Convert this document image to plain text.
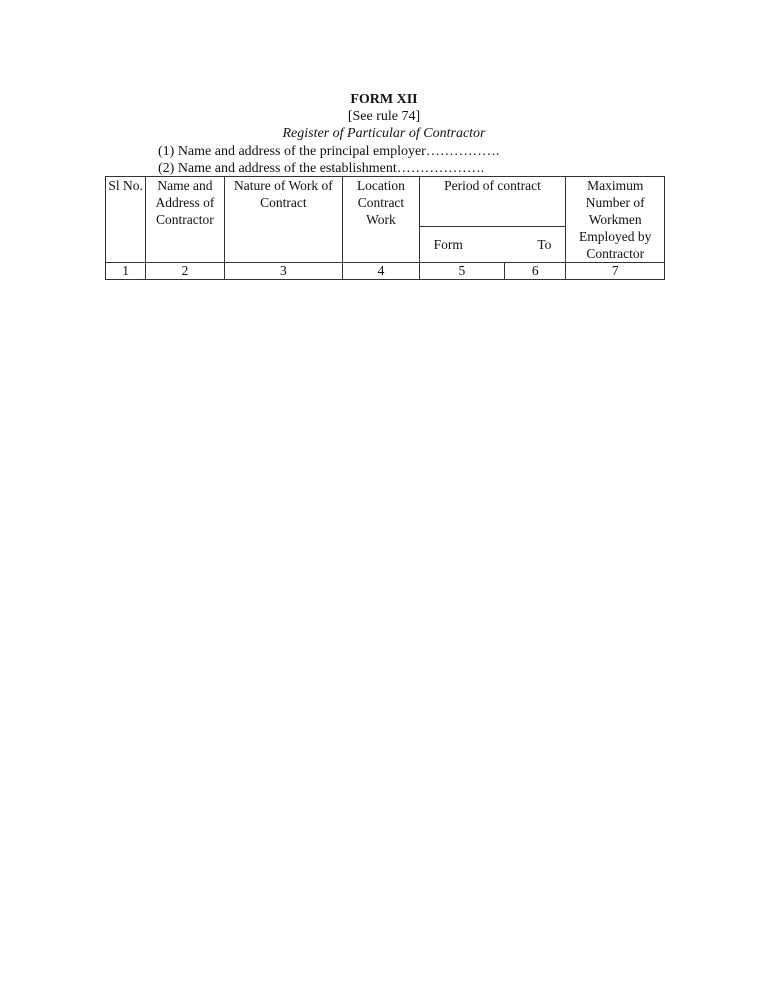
FORM XII
[See rule 74]
Register of Particular of Contractor
(1) Name and address of the principal employer…………….
(2) Name and address of the establishment……………….
Sl No.	Name and Address of Contractor	Nature of Work of Contract	Location Contract Work	Period of contract		Maximum Number of Workmen Employed by Contractor
				Form	To	
1	2	3	4	5	6	7
